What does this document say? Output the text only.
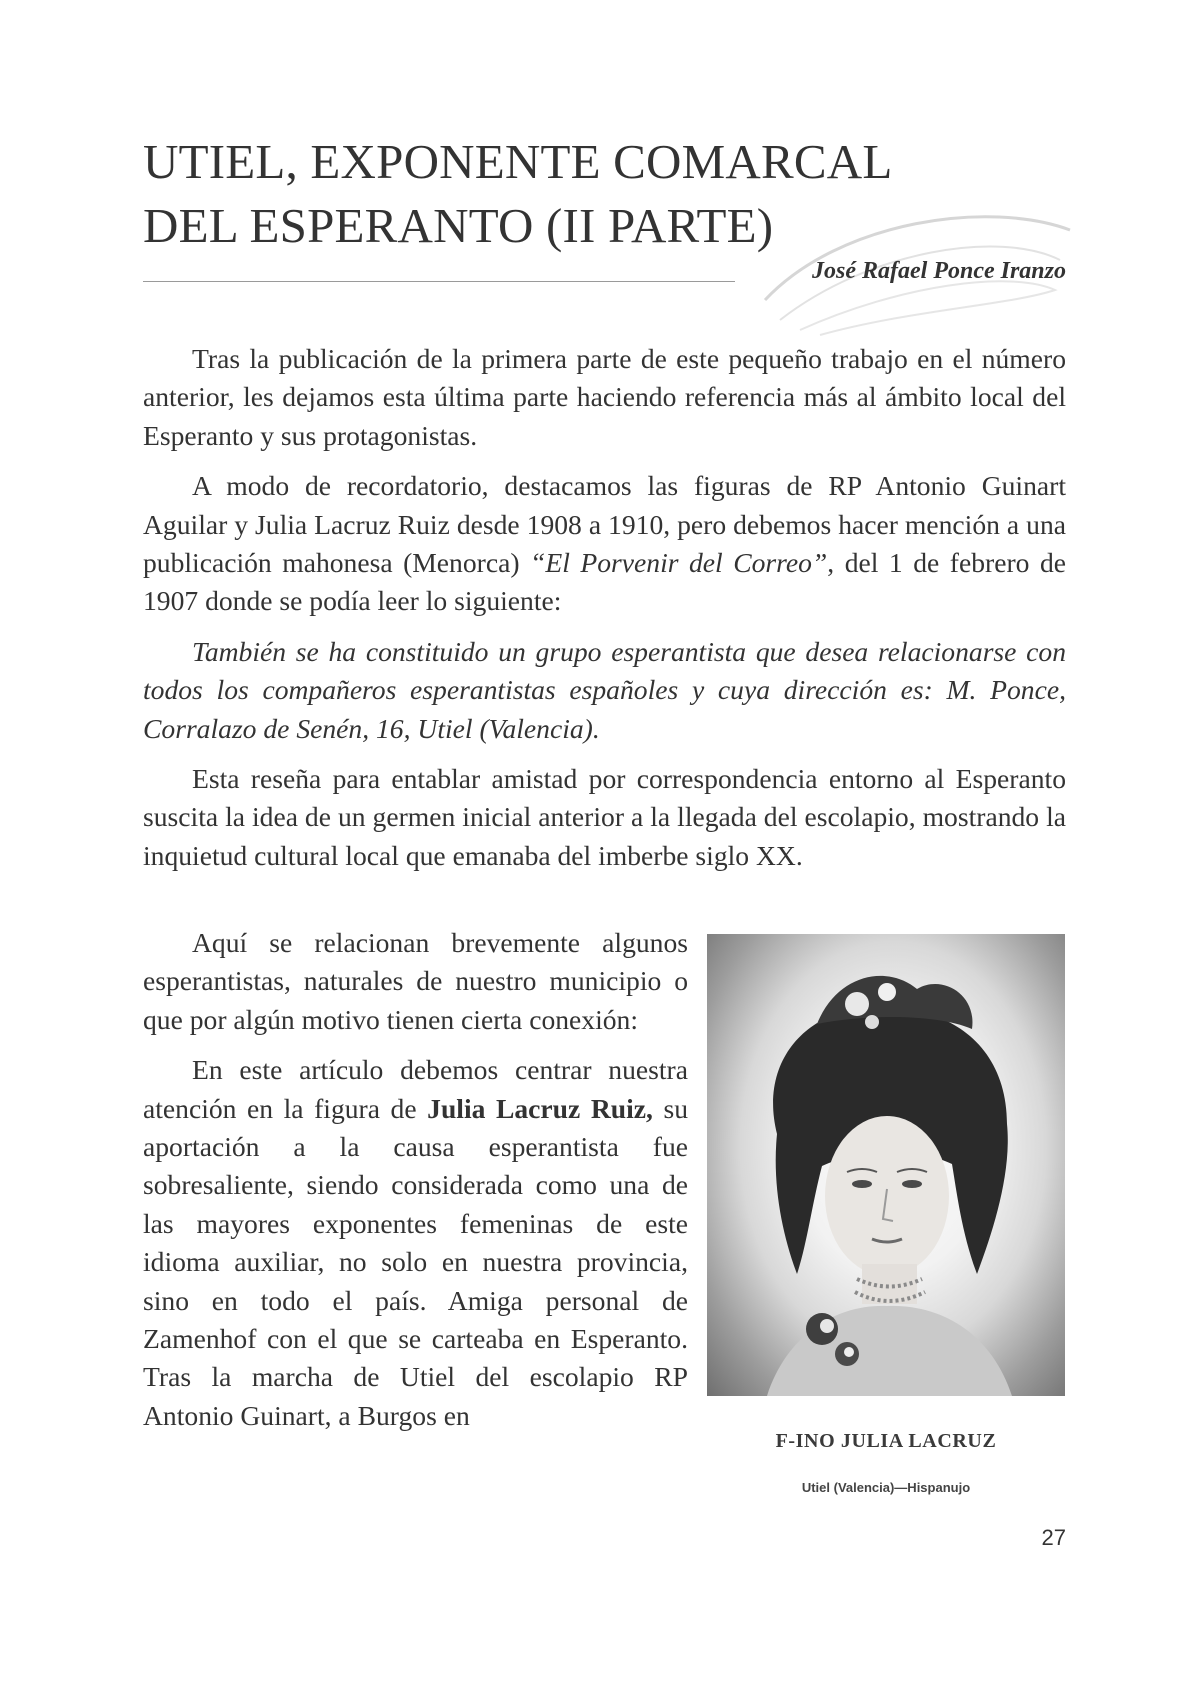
UTIEL, EXPONENTE COMARCAL
DEL ESPERANTO (II PARTE)
José Rafael Ponce Iranzo

Tras la publicación de la primera parte de este pequeño trabajo en el número anterior, les dejamos esta última parte haciendo referencia más al ámbito local del Esperanto y sus protagonistas.

A modo de recordatorio, destacamos las figuras de RP Antonio Guinart Aguilar y Julia Lacruz Ruiz desde 1908 a 1910, pero debemos hacer mención a una publicación mahonesa (Menorca) “El Porvenir del Correo”, del 1 de febrero de 1907 donde se podía leer lo siguiente:

También se ha constituido un grupo esperantista que desea relacionarse con todos los compañeros esperantistas españoles y cuya dirección es: M. Ponce, Corralazo de Senén, 16, Utiel (Valencia).

Esta reseña para entablar amistad por correspondencia entorno al Esperanto suscita la idea de un germen inicial anterior a la llegada del escolapio, mostrando la inquietud cultural local que emanaba del imberbe siglo XX.

Aquí se relacionan brevemente algunos esperantistas, naturales de nuestro municipio o que por algún motivo tienen cierta conexión:

En este artículo debemos centrar nuestra atención en la figura de Julia Lacruz Ruiz, su aportación a la causa esperantista fue sobresaliente, siendo considerada como una de las mayores exponentes femeninas de este idioma auxiliar, no solo en nuestra provincia, sino en todo el país. Amiga personal de Zamenhof con el que se carteaba en Esperanto. Tras la marcha de Utiel del escolapio RP Antonio Guinart, a Burgos en

F-INO JULIA LACRUZ
Utiel (Valencia)—Hispanujo
27
